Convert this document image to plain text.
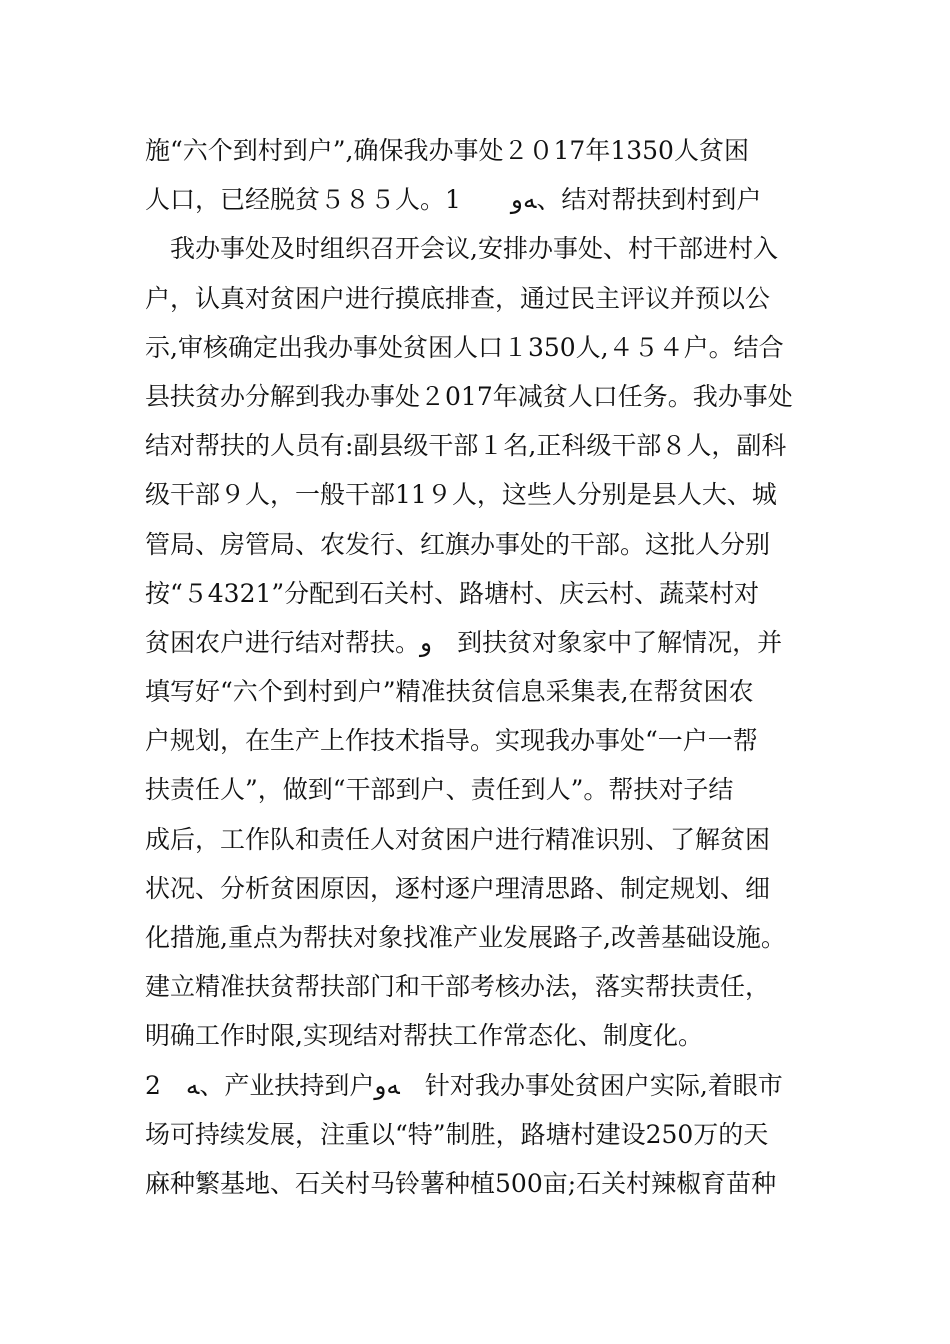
施“六个到村到户”,确保我办事处２０17年1350人贫困
人口，已经脱贫５８５人。1　　ﻪﻭ、结对帮扶到村到户
　我办事处及时组织召开会议,安排办事处、村干部进村入
户，认真对贫困户进行摸底排查，通过民主评议并预以公
示,审核确定出我办事处贫困人口１350人,４５４户。结合
县扶贫办分解到我办事处２017年减贫人口任务。我办事处
结对帮扶的人员有:副县级干部１名,正科级干部８人，副科
级干部９人，一般干部11９人，这些人分别是县人大、城
管局、房管局、农发行、红旗办事处的干部。这批人分别
按“５4321”分配到石关村、路塘村、庆云村、蔬菜村对
贫困农户进行结对帮扶。ﻭ　到扶贫对象家中了解情况，并
填写好“六个到村到户”精准扶贫信息采集表,在帮贫困农
户规划，在生产上作技术指导。实现我办事处“一户一帮
扶责任人”，做到“干部到户、责任到人”。帮扶对子结
成后，工作队和责任人对贫困户进行精准识别、了解贫困
状况、分析贫困原因，逐村逐户理清思路、制定规划、细
化措施,重点为帮扶对象找准产业发展路子,改善基础设施。
建立精准扶贫帮扶部门和干部考核办法，落实帮扶责任，
明确工作时限,实现结对帮扶工作常态化、制度化。
2　ﻪ、产业扶持到户ﻪﻭ　针对我办事处贫困户实际,着眼市
场可持续发展，注重以“特”制胜，路塘村建设250万的天
麻种繁基地、石关村马铃薯种植500亩;石关村辣椒育苗种
